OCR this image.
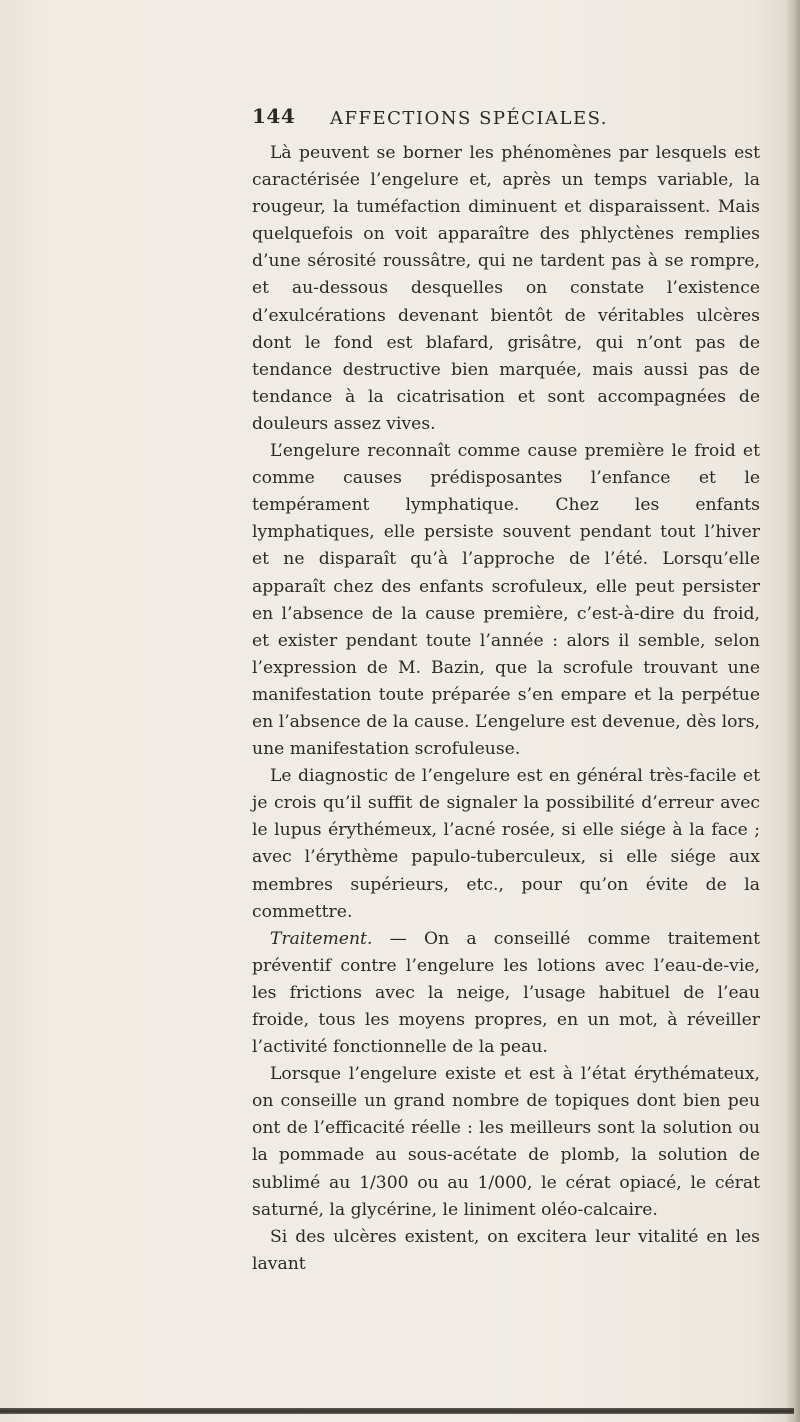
144 AFFECTIONS SPÉCIALES.

Là peuvent se borner les phénomènes par lesquels est caractérisée l’engelure et, après un temps variable, la rougeur, la tuméfaction diminuent et disparaissent. Mais quelquefois on voit apparaître des phlyctènes remplies d’une sérosité roussâtre, qui ne tardent pas à se rompre, et au-dessous desquelles on constate l’existence d’exulcérations devenant bientôt de véritables ulcères dont le fond est blafard, grisâtre, qui n’ont pas de tendance destructive bien marquée, mais aussi pas de tendance à la cicatrisation et sont accompagnées de douleurs assez vives.

L’engelure reconnaît comme cause première le froid et comme causes prédisposantes l’enfance et le tempérament lymphatique. Chez les enfants lymphatiques, elle persiste souvent pendant tout l’hiver et ne disparaît qu’à l’approche de l’été. Lorsqu’elle apparaît chez des enfants scrofuleux, elle peut persister en l’absence de la cause première, c’est-à-dire du froid, et exister pendant toute l’année : alors il semble, selon l’expression de M. Bazin, que la scrofule trouvant une manifestation toute préparée s’en empare et la perpétue en l’absence de la cause. L’engelure est devenue, dès lors, une manifestation scrofuleuse.

Le diagnostic de l’engelure est en général très-facile et je crois qu’il suffit de signaler la possibilité d’erreur avec le lupus érythémeux, l’acné rosée, si elle siége à la face ; avec l’érythème papulo-tuberculeux, si elle siége aux membres supérieurs, etc., pour qu’on évite de la commettre.

Traitement. — On a conseillé comme traitement préventif contre l’engelure les lotions avec l’eau-de-vie, les frictions avec la neige, l’usage habituel de l’eau froide, tous les moyens propres, en un mot, à réveiller l’activité fonctionnelle de la peau.

Lorsque l’engelure existe et est à l’état érythémateux, on conseille un grand nombre de topiques dont bien peu ont de l’efficacité réelle : les meilleurs sont la solution ou la pommade au sous-acétate de plomb, la solution de sublimé au 1/300 ou au 1/000, le cérat opiacé, le cérat saturné, la glycérine, le liniment oléo-calcaire.

Si des ulcères existent, on excitera leur vitalité en les lavant
